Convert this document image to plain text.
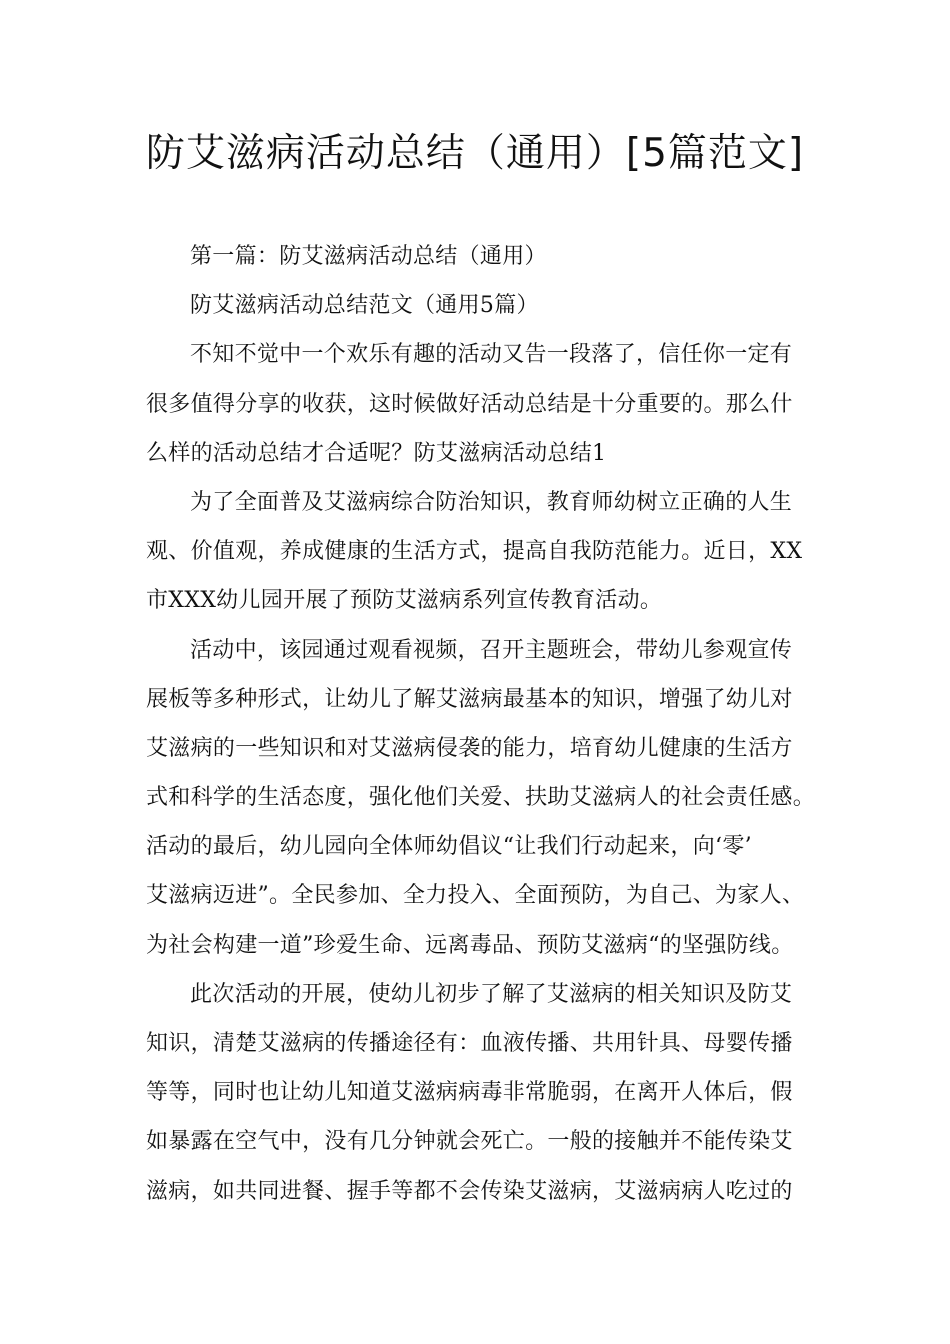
防艾滋病活动总结（通用）[5篇范文]
第一篇：防艾滋病活动总结（通用）
防艾滋病活动总结范文（通用5篇）
不知不觉中一个欢乐有趣的活动又告一段落了，信任你一定有
很多值得分享的收获，这时候做好活动总结是十分重要的。那么什
么样的活动总结才合适呢？防艾滋病活动总结1
为了全面普及艾滋病综合防治知识，教育师幼树立正确的人生
观、价值观，养成健康的生活方式，提高自我防范能力。近日，XX
市XXX幼儿园开展了预防艾滋病系列宣传教育活动。
活动中，该园通过观看视频，召开主题班会，带幼儿参观宣传
展板等多种形式，让幼儿了解艾滋病最基本的知识，增强了幼儿对
艾滋病的一些知识和对艾滋病侵袭的能力，培育幼儿健康的生活方
式和科学的生活态度，强化他们关爱、扶助艾滋病人的社会责任感。
活动的最后，幼儿园向全体师幼倡议“让我们行动起来，向‘零’
艾滋病迈进”。全民参加、全力投入、全面预防，为自己、为家人、
为社会构建一道”珍爱生命、远离毒品、预防艾滋病“的坚强防线。
此次活动的开展，使幼儿初步了解了艾滋病的相关知识及防艾
知识，清楚艾滋病的传播途径有：血液传播、共用针具、母婴传播
等等，同时也让幼儿知道艾滋病病毒非常脆弱，在离开人体后，假
如暴露在空气中，没有几分钟就会死亡。一般的接触并不能传染艾
滋病，如共同进餐、握手等都不会传染艾滋病，艾滋病病人吃过的
